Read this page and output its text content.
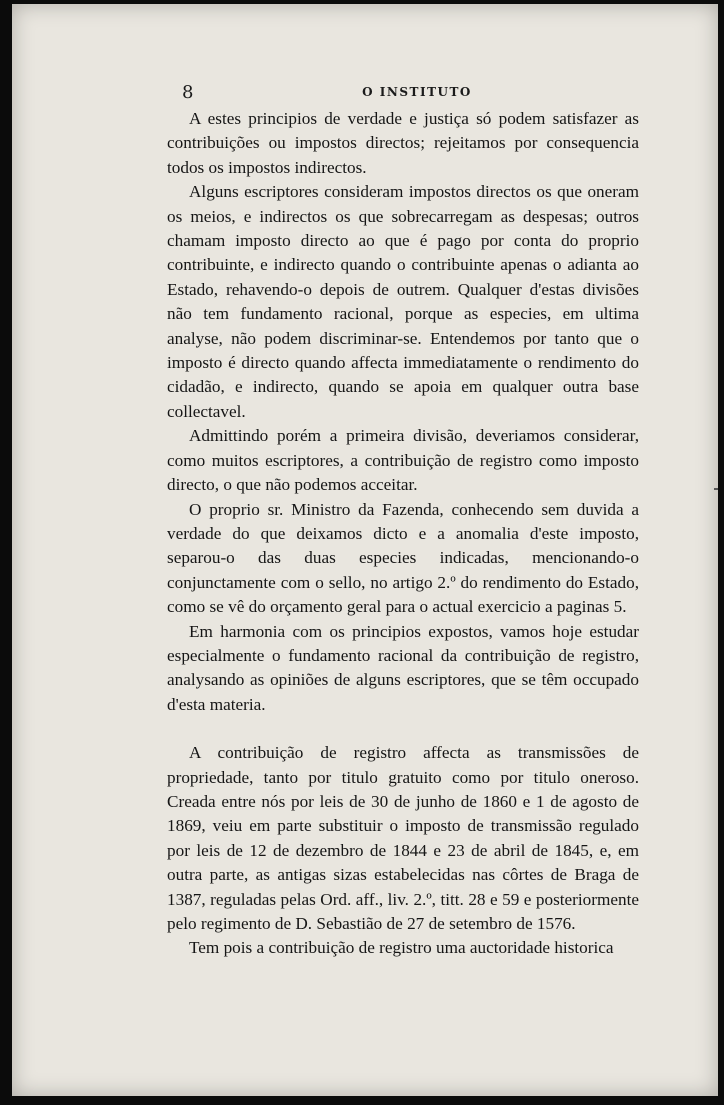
8	O INSTITUTO

A estes principios de verdade e justiça só podem satisfazer as contribuições ou impostos directos; rejeitamos por consequencia todos os impostos indirectos.

Alguns escriptores consideram impostos directos os que oneram os meios, e indirectos os que sobrecarregam as despesas; outros chamam imposto directo ao que é pago por conta do proprio contribuinte, e indirecto quando o contribuinte apenas o adianta ao Estado, rehavendo-o depois de outrem. Qualquer d'estas divisões não tem fundamento racional, porque as especies, em ultima analyse, não podem discriminar-se. Entendemos por tanto que o imposto é directo quando affecta immediatamente o rendimento do cidadão, e indirecto, quando se apoia em qualquer outra base collectavel.

Admittindo porém a primeira divisão, deveriamos considerar, como muitos escriptores, a contribuição de registro como imposto directo, o que não podemos acceitar.

O proprio sr. Ministro da Fazenda, conhecendo sem duvida a verdade do que deixamos dicto e a anomalia d'este imposto, separou-o das duas especies indicadas, mencionando-o conjunctamente com o sello, no artigo 2.º do rendimento do Estado, como se vê do orçamento geral para o actual exercicio a paginas 5.

Em harmonia com os principios expostos, vamos hoje estudar especialmente o fundamento racional da contribuição de registro, analysando as opiniões de alguns escriptores, que se têm occupado d'esta materia.

A contribuição de registro affecta as transmissões de propriedade, tanto por titulo gratuito como por titulo oneroso. Creada entre nós por leis de 30 de junho de 1860 e 1 de agosto de 1869, veiu em parte substituir o imposto de transmissão regulado por leis de 12 de dezembro de 1844 e 23 de abril de 1845, e, em outra parte, as antigas sizas estabelecidas nas côrtes de Braga de 1387, reguladas pelas Ord. aff., liv. 2.º, titt. 28 e 59 e posteriormente pelo regimento de D. Sebastião de 27 de setembro de 1576.

Tem pois a contribuição de registro uma auctoridade historica
